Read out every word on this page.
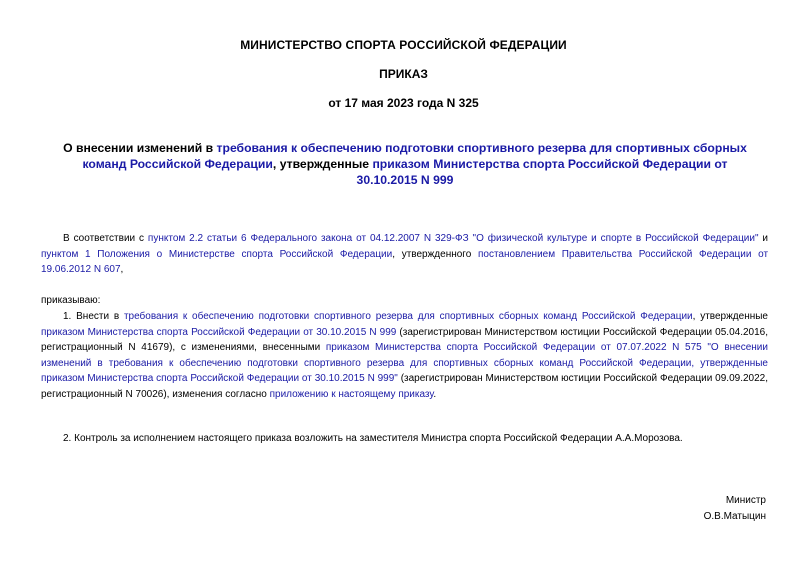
МИНИСТЕРСТВО СПОРТА РОССИЙСКОЙ ФЕДЕРАЦИИ
ПРИКАЗ
от 17 мая 2023 года N 325
О внесении изменений в требования к обеспечению подготовки спортивного резерва для спортивных сборных команд Российской Федерации, утвержденные приказом Министерства спорта Российской Федерации от 30.10.2015 N 999
В соответствии с пунктом 2.2 статьи 6 Федерального закона от 04.12.2007 N 329-ФЗ "О физической культуре и спорте в Российской Федерации" и пунктом 1 Положения о Министерстве спорта Российской Федерации, утвержденного постановлением Правительства Российской Федерации от 19.06.2012 N 607,
приказываю:
1. Внести в требования к обеспечению подготовки спортивного резерва для спортивных сборных команд Российской Федерации, утвержденные приказом Министерства спорта Российской Федерации от 30.10.2015 N 999 (зарегистрирован Министерством юстиции Российской Федерации 05.04.2016, регистрационный N 41679), с изменениями, внесенными приказом Министерства спорта Российской Федерации от 07.07.2022 N 575 "О внесении изменений в требования к обеспечению подготовки спортивного резерва для спортивных сборных команд Российской Федерации, утвержденные приказом Министерства спорта Российской Федерации от 30.10.2015 N 999" (зарегистрирован Министерством юстиции Российской Федерации 09.09.2022, регистрационный N 70026), изменения согласно приложению к настоящему приказу.
2. Контроль за исполнением настоящего приказа возложить на заместителя Министра спорта Российской Федерации А.А.Морозова.
Министр
О.В.Матыцин
